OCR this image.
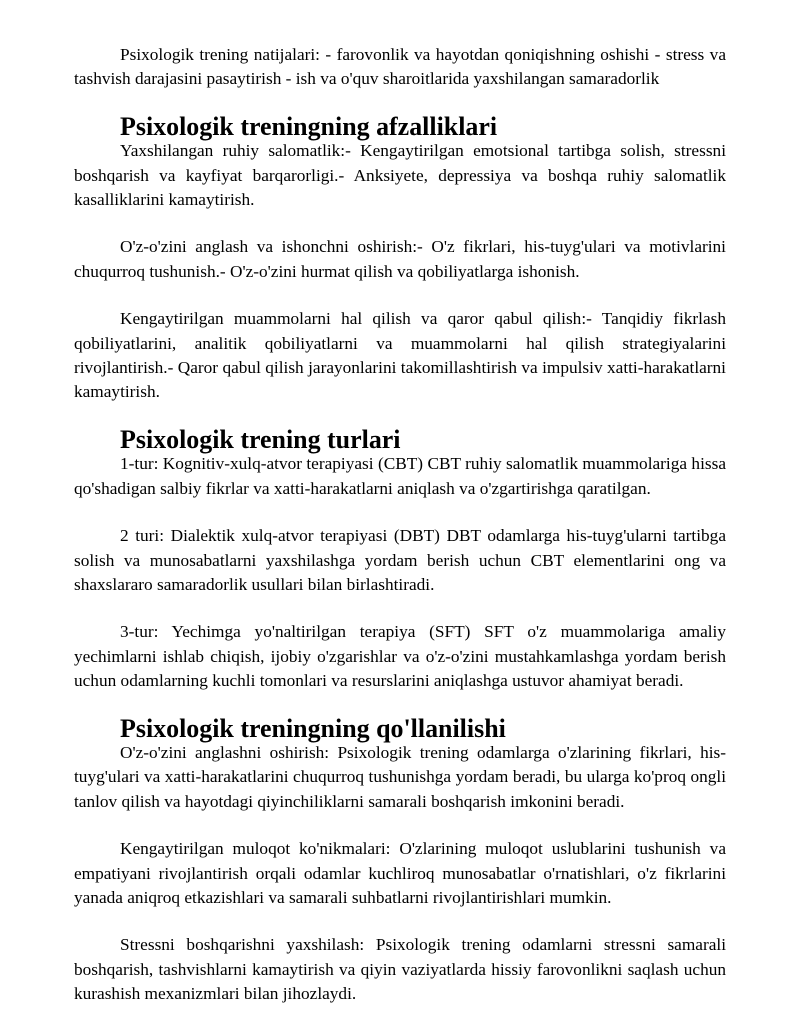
Psixologik trening natijalari: - farovonlik va hayotdan qoniqishning oshishi - stress va tashvish darajasini pasaytirish - ish va o'quv sharoitlarida yaxshilangan samaradorlik

Psixologik treningning afzalliklari

Yaxshilangan ruhiy salomatlik:- Kengaytirilgan emotsional tartibga solish, stressni boshqarish va kayfiyat barqarorligi.- Anksiyete, depressiya va boshqa ruhiy salomatlik kasalliklarini kamaytirish.

O'z-o'zini anglash va ishonchni oshirish:- O'z fikrlari, his-tuyg'ulari va motivlarini chuqurroq tushunish.- O'z-o'zini hurmat qilish va qobiliyatlarga ishonish.

Kengaytirilgan muammolarni hal qilish va qaror qabul qilish:- Tanqidiy fikrlash qobiliyatlarini, analitik qobiliyatlarni va muammolarni hal qilish strategiyalarini rivojlantirish.- Qaror qabul qilish jarayonlarini takomillashtirish va impulsiv xatti-harakatlarni kamaytirish.

Psixologik trening turlari

1-tur: Kognitiv-xulq-atvor terapiyasi (CBT) CBT ruhiy salomatlik muammolariga hissa qo'shadigan salbiy fikrlar va xatti-harakatlarni aniqlash va o'zgartirishga qaratilgan.

2 turi: Dialektik xulq-atvor terapiyasi (DBT) DBT odamlarga his-tuyg'ularni tartibga solish va munosabatlarni yaxshilashga yordam berish uchun CBT elementlarini ong va shaxslararo samaradorlik usullari bilan birlashtiradi.

3-tur: Yechimga yo'naltirilgan terapiya (SFT) SFT o'z muammolariga amaliy yechimlarni ishlab chiqish, ijobiy o'zgarishlar va o'z-o'zini mustahkamlashga yordam berish uchun odamlarning kuchli tomonlari va resurslarini aniqlashga ustuvor ahamiyat beradi.

Psixologik treningning qo'llanilishi

O'z-o'zini anglashni oshirish: Psixologik trening odamlarga o'zlarining fikrlari, his-tuyg'ulari va xatti-harakatlarini chuqurroq tushunishga yordam beradi, bu ularga ko'proq ongli tanlov qilish va hayotdagi qiyinchiliklarni samarali boshqarish imkonini beradi.

Kengaytirilgan muloqot ko'nikmalari: O'zlarining muloqot uslublarini tushunish va empatiyani rivojlantirish orqali odamlar kuchliroq munosabatlar o'rnatishlari, o'z fikrlarini yanada aniqroq etkazishlari va samarali suhbatlarni rivojlantirishlari mumkin.

Stressni boshqarishni yaxshilash: Psixologik trening odamlarni stressni samarali boshqarish, tashvishlarni kamaytirish va qiyin vaziyatlarda hissiy farovonlikni saqlash uchun kurashish mexanizmlari bilan jihozlaydi.
